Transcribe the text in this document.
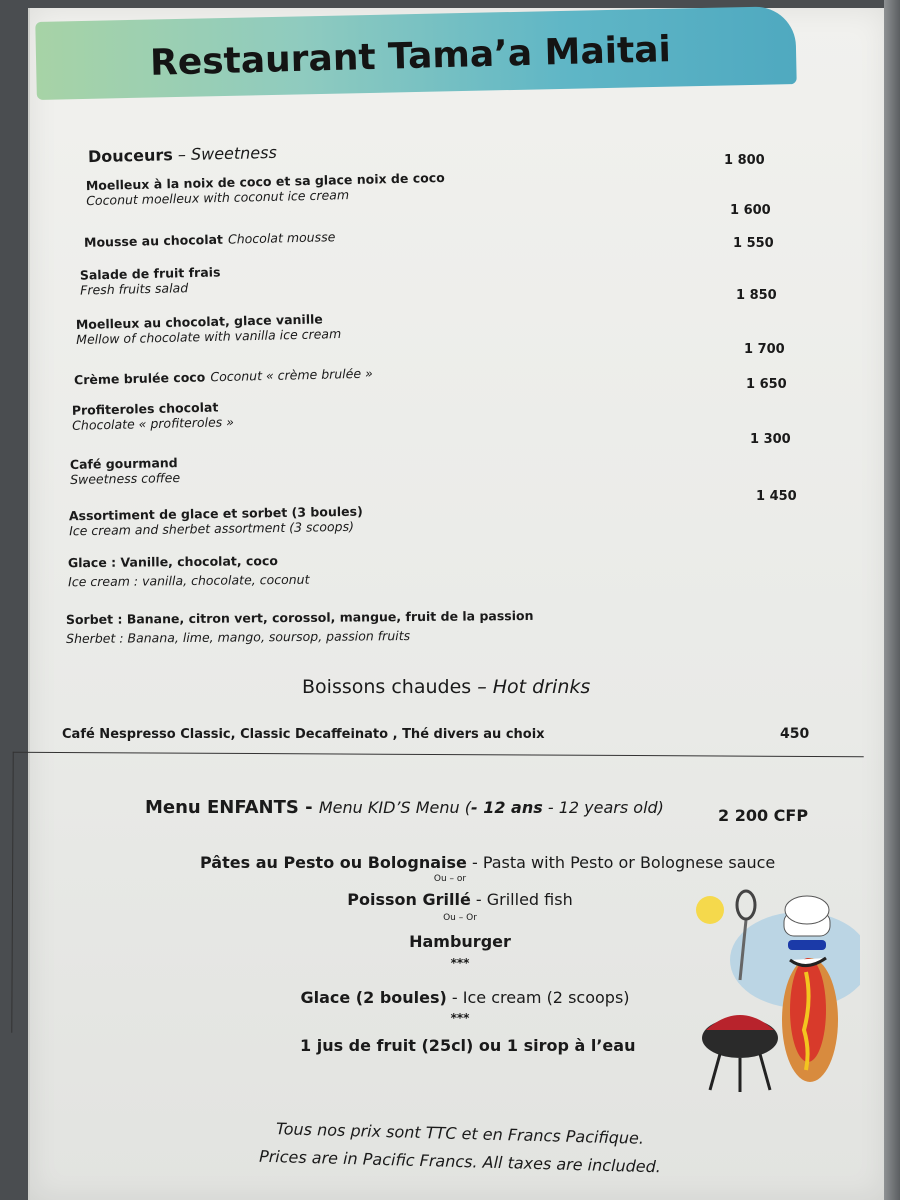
Restaurant Tama’a Maitai
Douceurs – Sweetness
Moelleux à la noix de coco et sa glace noix de coco
Coconut moelleux with coconut ice cream
Mousse au chocolat Chocolat mousse
Salade de fruit frais
Fresh fruits salad
Moelleux au chocolat, glace vanille
Mellow of chocolate with vanilla ice cream
Crème brulée coco Coconut « crème brulée »
Profiteroles chocolat
Chocolate « profiteroles »
Café gourmand
Sweetness coffee
Assortiment de glace et sorbet (3 boules)
Ice cream and sherbet assortment (3 scoops)
Glace : Vanille, chocolat, coco
Ice cream : vanilla, chocolate, coconut
Sorbet : Banane, citron vert, corossol, mangue, fruit de la passion
Sherbet : Banana, lime, mango, soursop, passion fruits
1 800
1 600
1 550
1 850
1 700
1 650
1 300
1 450
Boissons chaudes – Hot drinks
Café Nespresso Classic, Classic Decaffeinato , Thé divers au choix	450
Menu ENFANTS - Menu KID’S Menu (- 12 ans - 12 years old)	2 200 CFP
Pâtes au Pesto ou Bolognaise - Pasta with Pesto or Bolognese sauce
Ou – or
Poisson Grillé - Grilled fish
Ou – Or
Hamburger
***
Glace (2 boules) - Ice cream (2 scoops)
***
1 jus de fruit (25cl) ou 1 sirop à l’eau
Tous nos prix sont TTC et en Francs Pacifique.
Prices are in Pacific Francs. All taxes are included.
